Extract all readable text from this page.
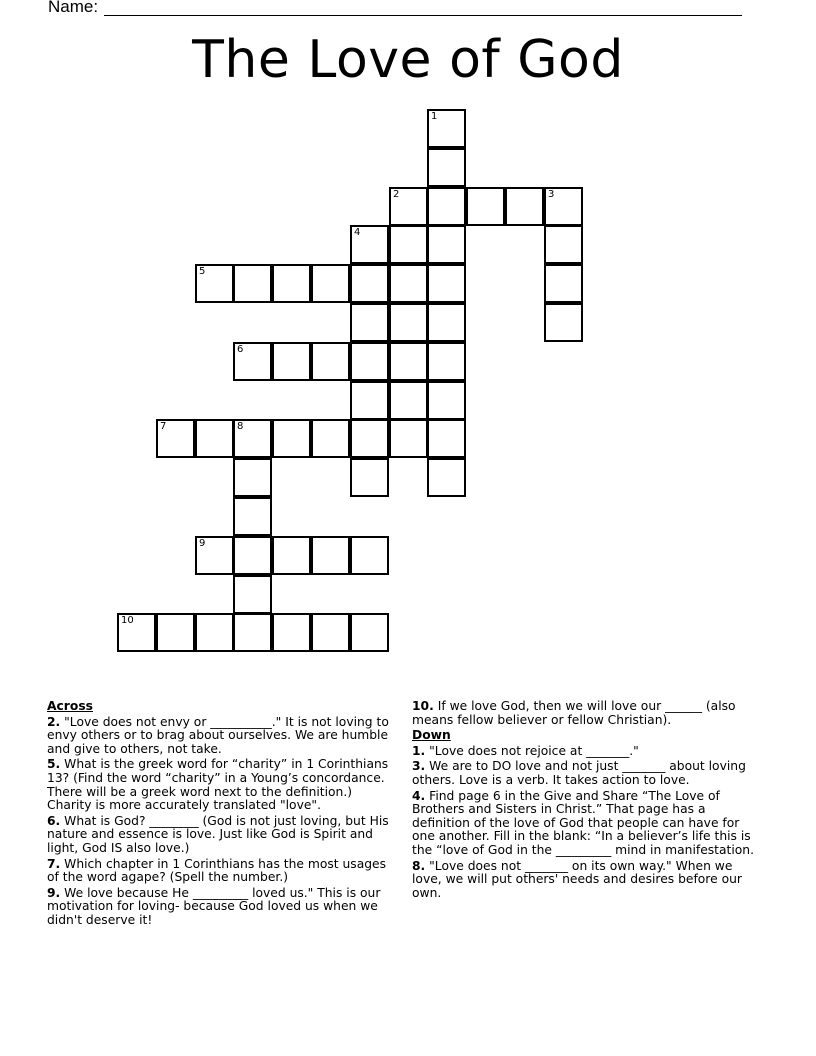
Name:
The Love of God
1
2	3
4
5
6
7	8
9
10
Across
2. "Love does not envy or __________." It is not loving to envy others or to brag about ourselves. We are humble and give to others, not take.
5. What is the greek word for “charity” in 1 Corinthians 13? (Find the word “charity” in a Young’s concordance. There will be a greek word next to the definition.) Charity is more accurately translated "love".
6. What is God? ________ (God is not just loving, but His nature and essence is love. Just like God is Spirit and light, God IS also love.)
7. Which chapter in 1 Corinthians has the most usages of the word agape? (Spell the number.)
9. We love because He _________ loved us." This is our motivation for loving- because God loved us when we didn't deserve it!
10. If we love God, then we will love our ______ (also means fellow believer or fellow Christian).
Down
1. "Love does not rejoice at _______."
3. We are to DO love and not just _______ about loving others. Love is a verb. It takes action to love.
4. Find page 6 in the Give and Share “The Love of Brothers and Sisters in Christ.” That page has a definition of the love of God that people can have for one another. Fill in the blank: “In a believer’s life this is the “love of God in the _________ mind in manifestation.
8. "Love does not _______ on its own way." When we love, we will put others' needs and desires before our own.
